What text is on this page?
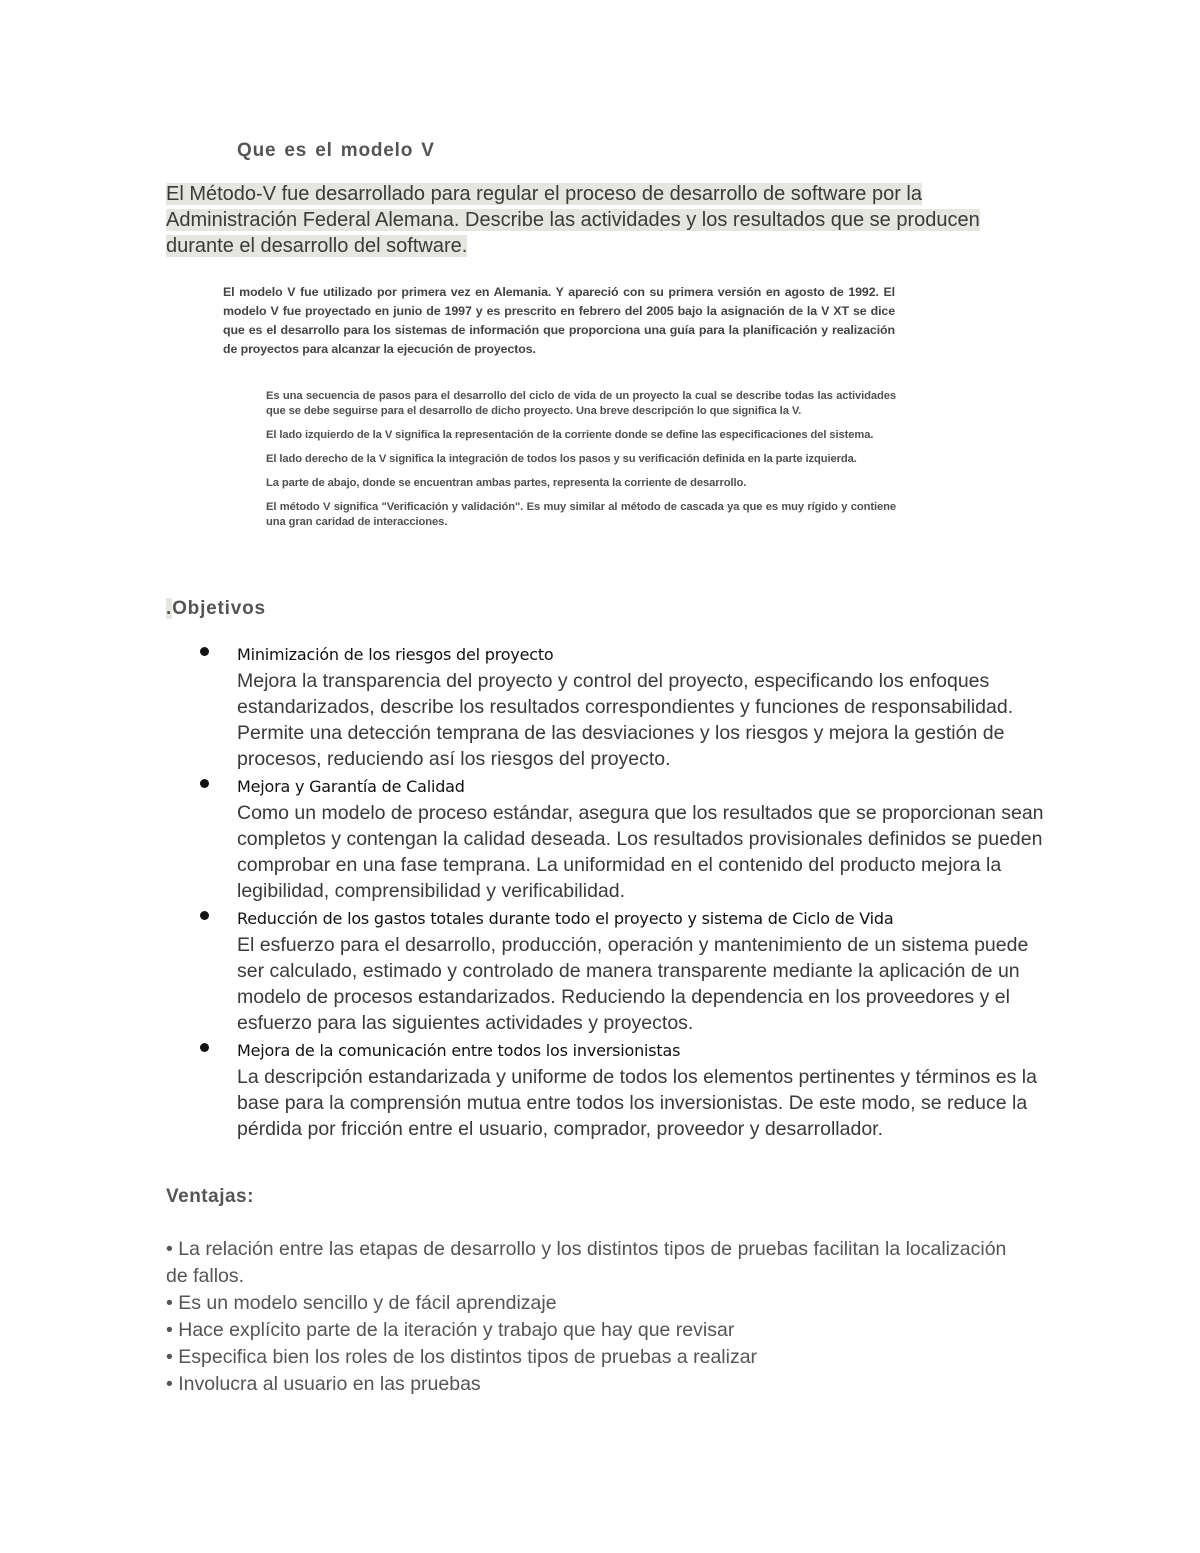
Que es el modelo V
El Método-V fue desarrollado para regular el proceso de desarrollo de software por la Administración Federal Alemana. Describe las actividades y los resultados que se producen durante el desarrollo del software.
El modelo V fue utilizado por primera vez en Alemania. Y apareció con su primera versión en agosto de 1992. El modelo V fue proyectado en junio de 1997 y es prescrito en febrero del 2005 bajo la asignación de la V XT se dice que es el desarrollo para los sistemas de información que proporciona una guía para la planificación y realización de proyectos para alcanzar la ejecución de proyectos.

Es una secuencia de pasos para el desarrollo del ciclo de vida de un proyecto la cual se describe todas las actividades que se debe seguirse para el desarrollo de dicho proyecto. Una breve descripción lo que significa la V.

El lado izquierdo de la V significa la representación de la corriente donde se define las especificaciones del sistema.

El lado derecho de la V significa la integración de todos los pasos y su verificación definida en la parte izquierda.

La parte de abajo, donde se encuentran ambas partes, representa la corriente de desarrollo.

El método V significa "Verificación y validación". Es muy similar al método de cascada ya que es muy rígido y contiene una gran caridad de interacciones.

.Objetivos
Minimización de los riesgos del proyecto
Mejora la transparencia del proyecto y control del proyecto, especificando los enfoques estandarizados, describe los resultados correspondientes y funciones de responsabilidad. Permite una detección temprana de las desviaciones y los riesgos y mejora la gestión de procesos, reduciendo así los riesgos del proyecto.
Mejora y Garantía de Calidad
Como un modelo de proceso estándar, asegura que los resultados que se proporcionan sean completos y contengan la calidad deseada. Los resultados provisionales definidos se pueden comprobar en una fase temprana. La uniformidad en el contenido del producto mejora la legibilidad, comprensibilidad y verificabilidad.
Reducción de los gastos totales durante todo el proyecto y sistema de Ciclo de Vida
El esfuerzo para el desarrollo, producción, operación y mantenimiento de un sistema puede ser calculado, estimado y controlado de manera transparente mediante la aplicación de un modelo de procesos estandarizados. Reduciendo la dependencia en los proveedores y el esfuerzo para las siguientes actividades y proyectos.
Mejora de la comunicación entre todos los inversionistas
La descripción estandarizada y uniforme de todos los elementos pertinentes y términos es la base para la comprensión mutua entre todos los inversionistas. De este modo, se reduce la pérdida por fricción entre el usuario, comprador, proveedor y desarrollador.
Ventajas:
• La relación entre las etapas de desarrollo y los distintos tipos de pruebas facilitan la localización de fallos.
• Es un modelo sencillo y de fácil aprendizaje
• Hace explícito parte de la iteración y trabajo que hay que revisar
• Especifica bien los roles de los distintos tipos de pruebas a realizar
• Involucra al usuario en las pruebas
